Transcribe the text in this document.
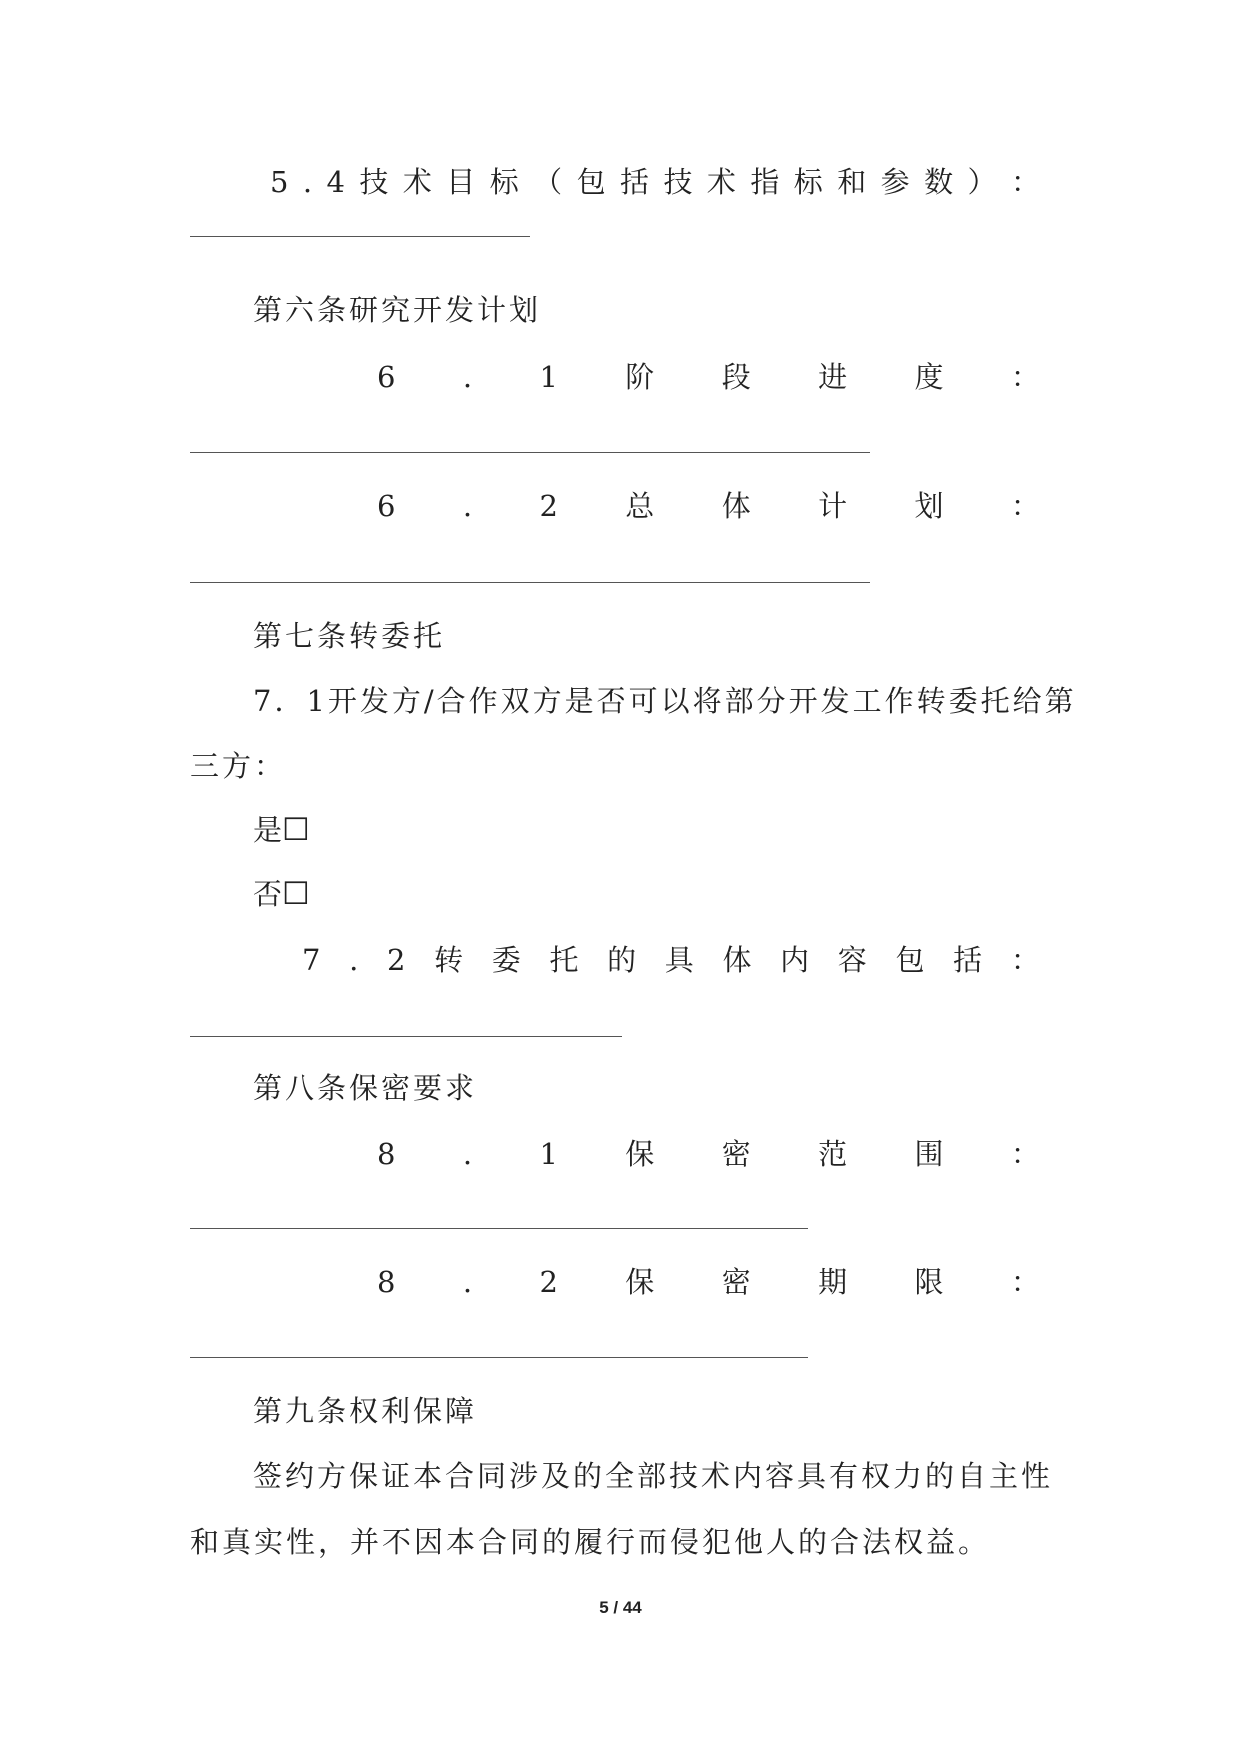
5 . 4 技 术 目 标 （ 包 括 技 术 指 标 和 参 数 ） ：
第六条研究开发计划
6 . 1 阶 段 进 度 ：
6 . 2 总 体 计 划 ：
第七条转委托
7．1开发方/合作双方是否可以将部分开发工作转委托给第
三方：
是☐
否☐
7 . 2 转 委 托 的 具 体 内 容 包 括 ：
第八条保密要求
8 . 1 保 密 范 围 ：
8 . 2 保 密 期 限 ：
第九条权利保障
签约方保证本合同涉及的全部技术内容具有权力的自主性
和真实性，并不因本合同的履行而侵犯他人的合法权益。
5 / 44
